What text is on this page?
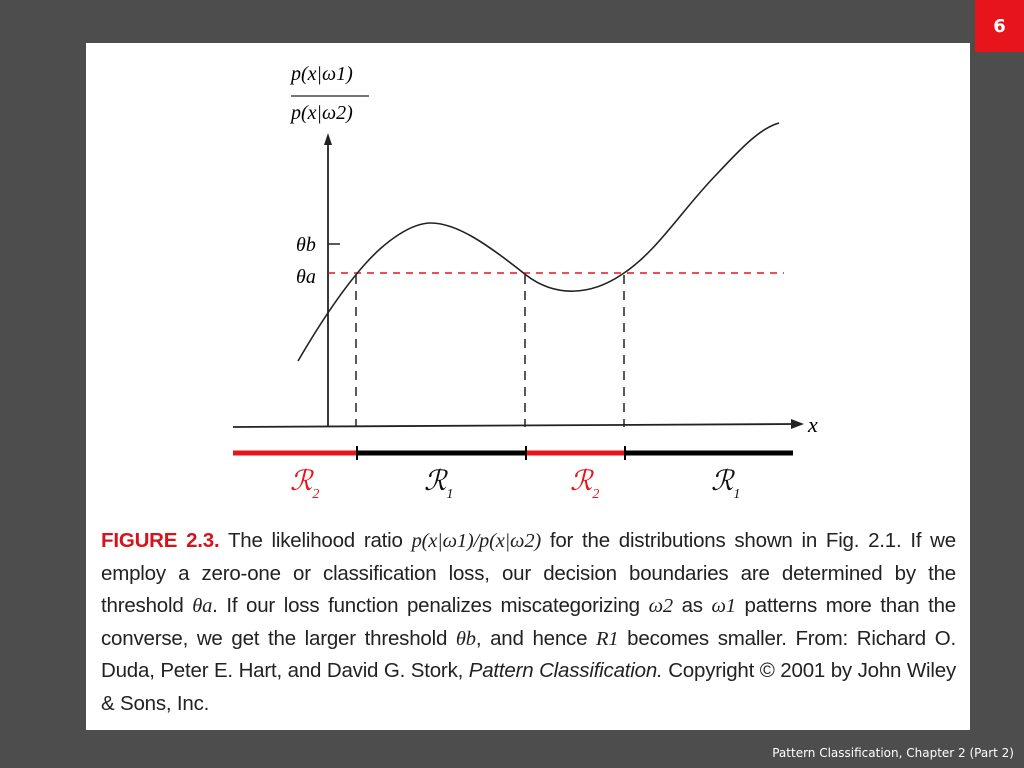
6
p(x|ω1)
p(x|ω2)
x
θb
θa
ℛ$_2$	ℛ$_1$	ℛ$_2$	ℛ$_1$
FIGURE 2.3. The likelihood ratio p(x|ω1)/p(x|ω2) for the distributions shown in Fig. 2.1. If we employ a zero-one or classification loss, our decision boundaries are determined by the threshold θa. If our loss function penalizes miscategorizing ω2 as ω1 patterns more than the converse, we get the larger threshold θb, and hence R1 becomes smaller. From: Richard O. Duda, Peter E. Hart, and David G. Stork, Pattern Classification. Copyright © 2001 by John Wiley & Sons, Inc.
Pattern Classification, Chapter 2 (Part 2)
